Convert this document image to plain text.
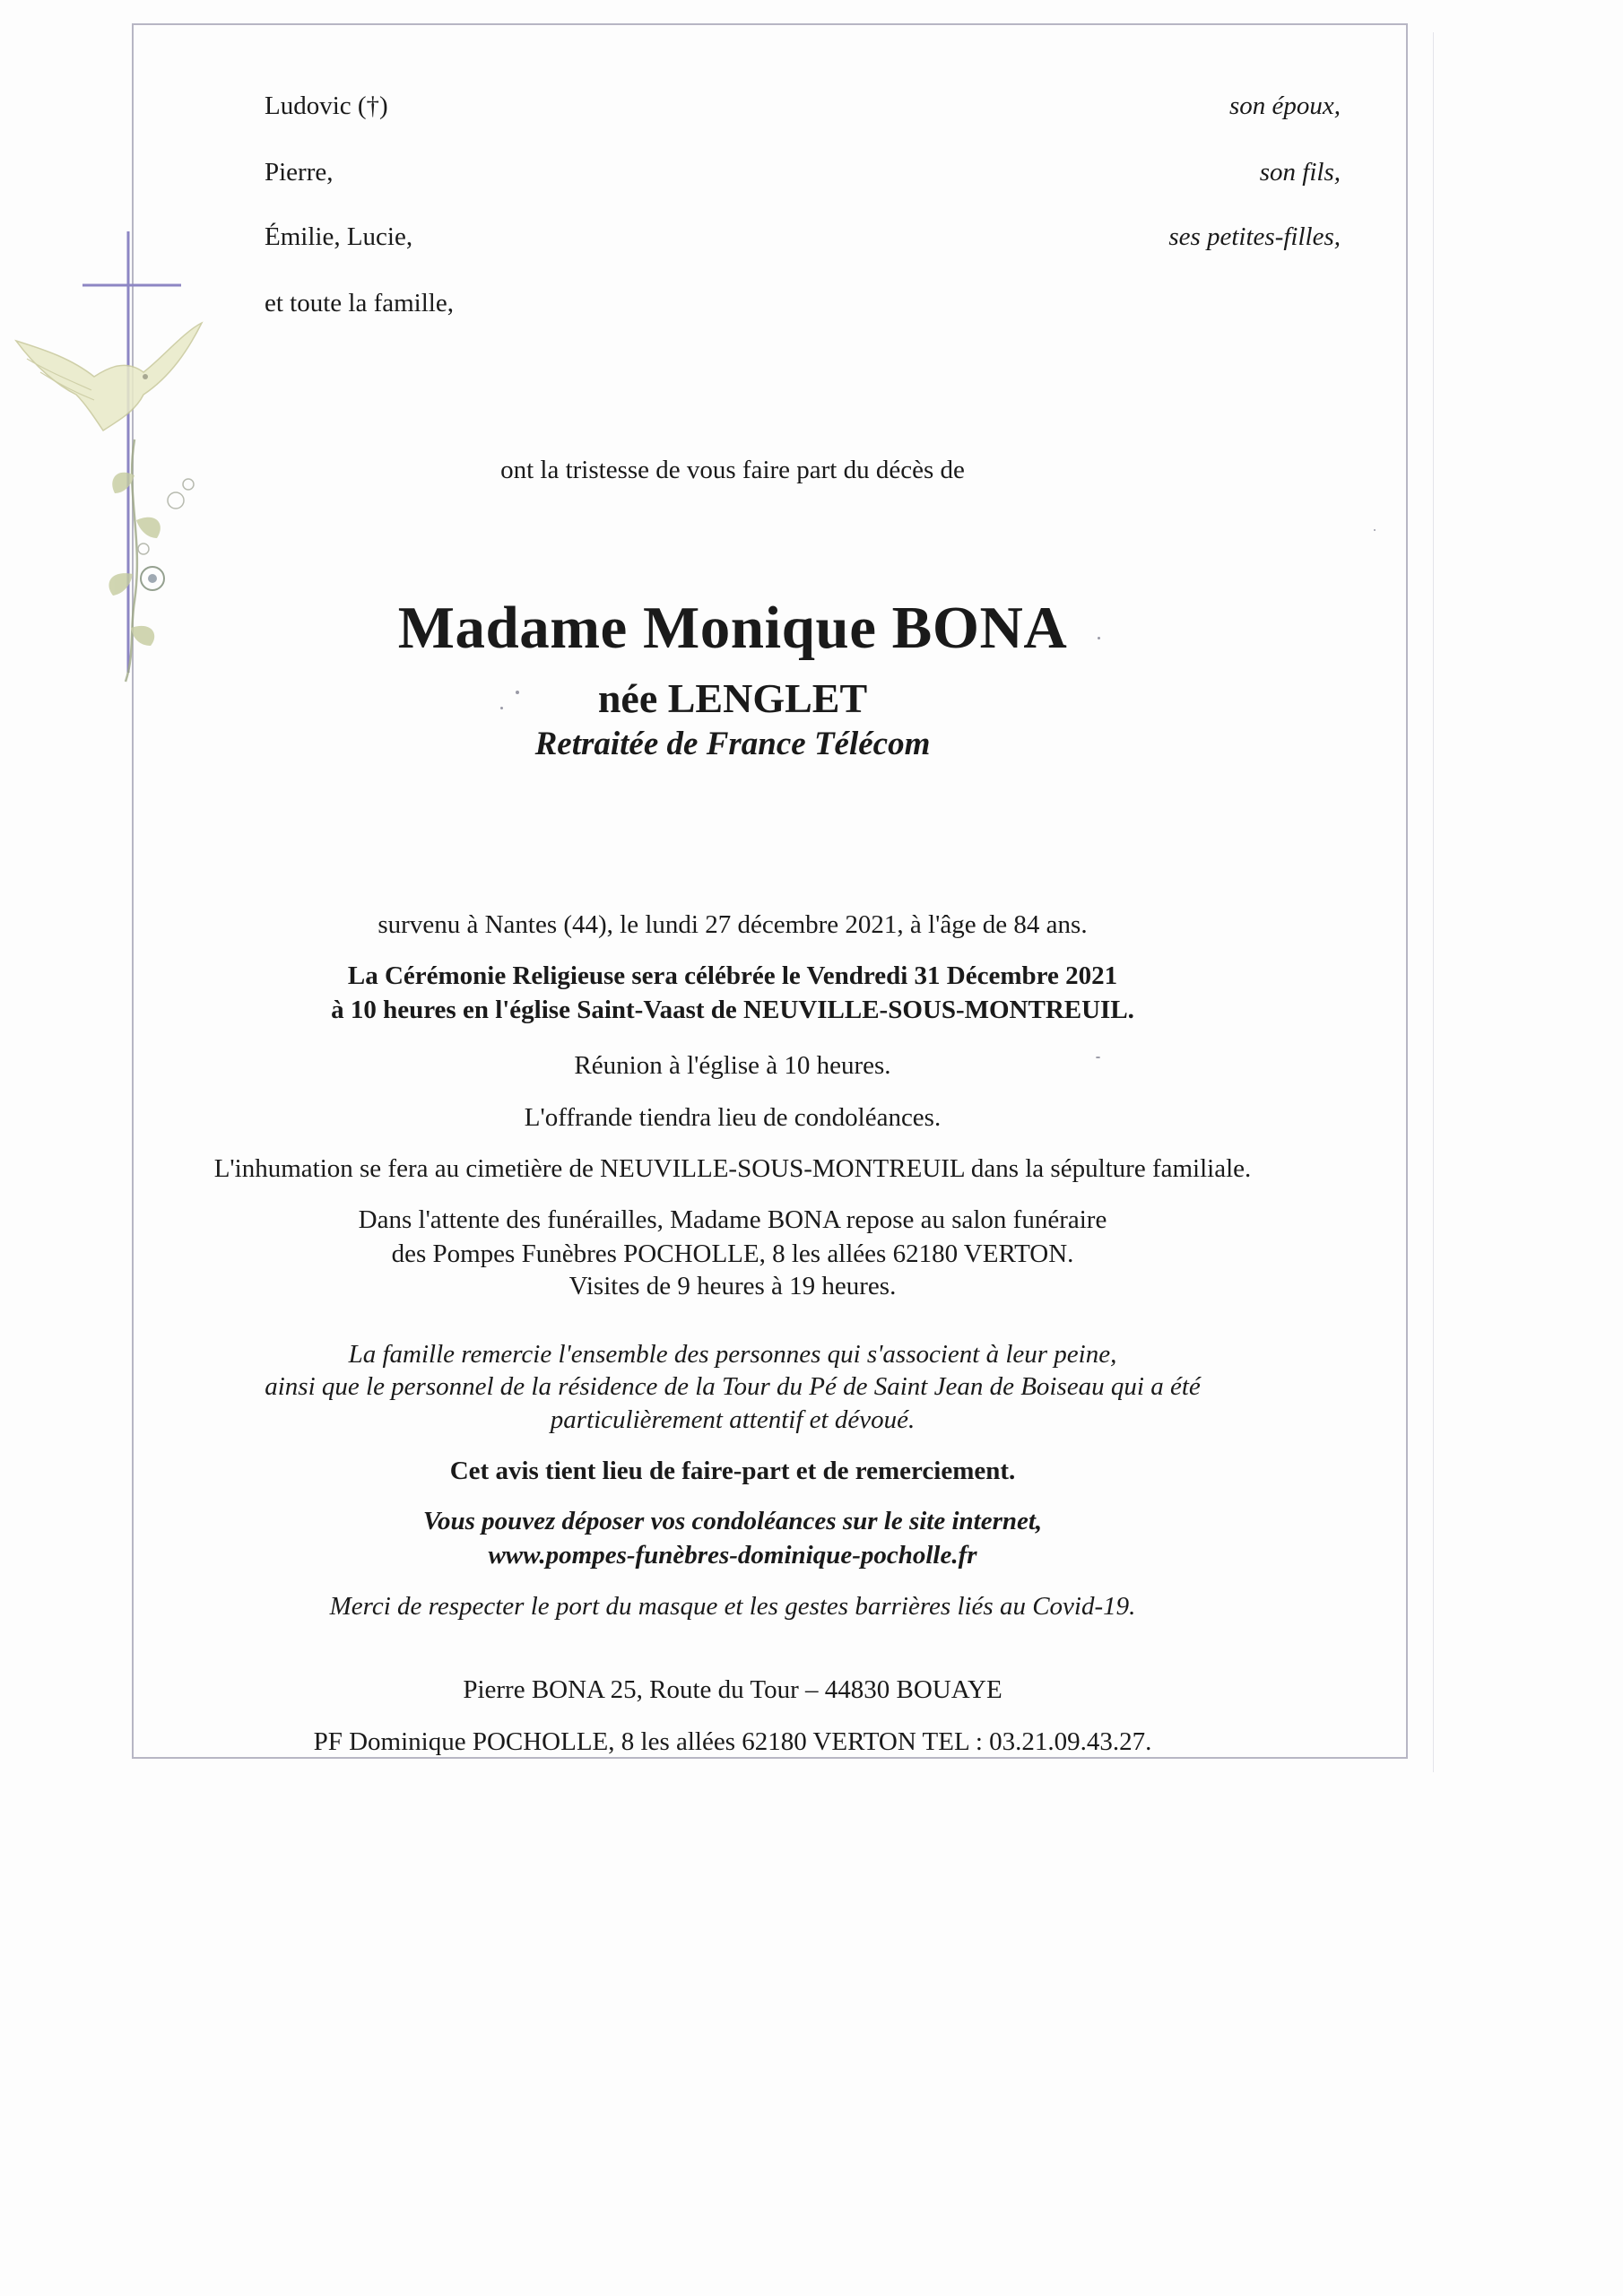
Ludovic (†)	son époux,
Pierre,	son fils,
Émilie, Lucie,	ses petites-filles,
et toute la famille,
ont la tristesse de vous faire part du décès de
Madame Monique BONA
née LENGLET
Retraitée de France Télécom
survenu à Nantes (44), le lundi 27 décembre 2021, à l'âge de 84 ans.
La Cérémonie Religieuse sera célébrée le Vendredi 31 Décembre 2021
à 10 heures en l'église Saint-Vaast de NEUVILLE-SOUS-MONTREUIL.
Réunion à l'église à 10 heures.
L'offrande tiendra lieu de condoléances.
L'inhumation se fera au cimetière de NEUVILLE-SOUS-MONTREUIL dans la sépulture familiale.
Dans l'attente des funérailles, Madame BONA repose au salon funéraire
des Pompes Funèbres POCHOLLE, 8 les allées 62180 VERTON.
Visites de 9 heures à 19 heures.
La famille remercie l'ensemble des personnes qui s'associent à leur peine,
ainsi que le personnel de la résidence de la Tour du Pé de Saint Jean de Boiseau qui a été
particulièrement attentif et dévoué.
Cet avis tient lieu de faire-part et de remerciement.
Vous pouvez déposer vos condoléances sur le site internet,
www.pompes-funèbres-dominique-pocholle.fr
Merci de respecter le port du masque et les gestes barrières liés au Covid-19.
Pierre BONA 25, Route du Tour – 44830 BOUAYE
PF Dominique POCHOLLE, 8 les allées 62180 VERTON TEL : 03.21.09.43.27.
